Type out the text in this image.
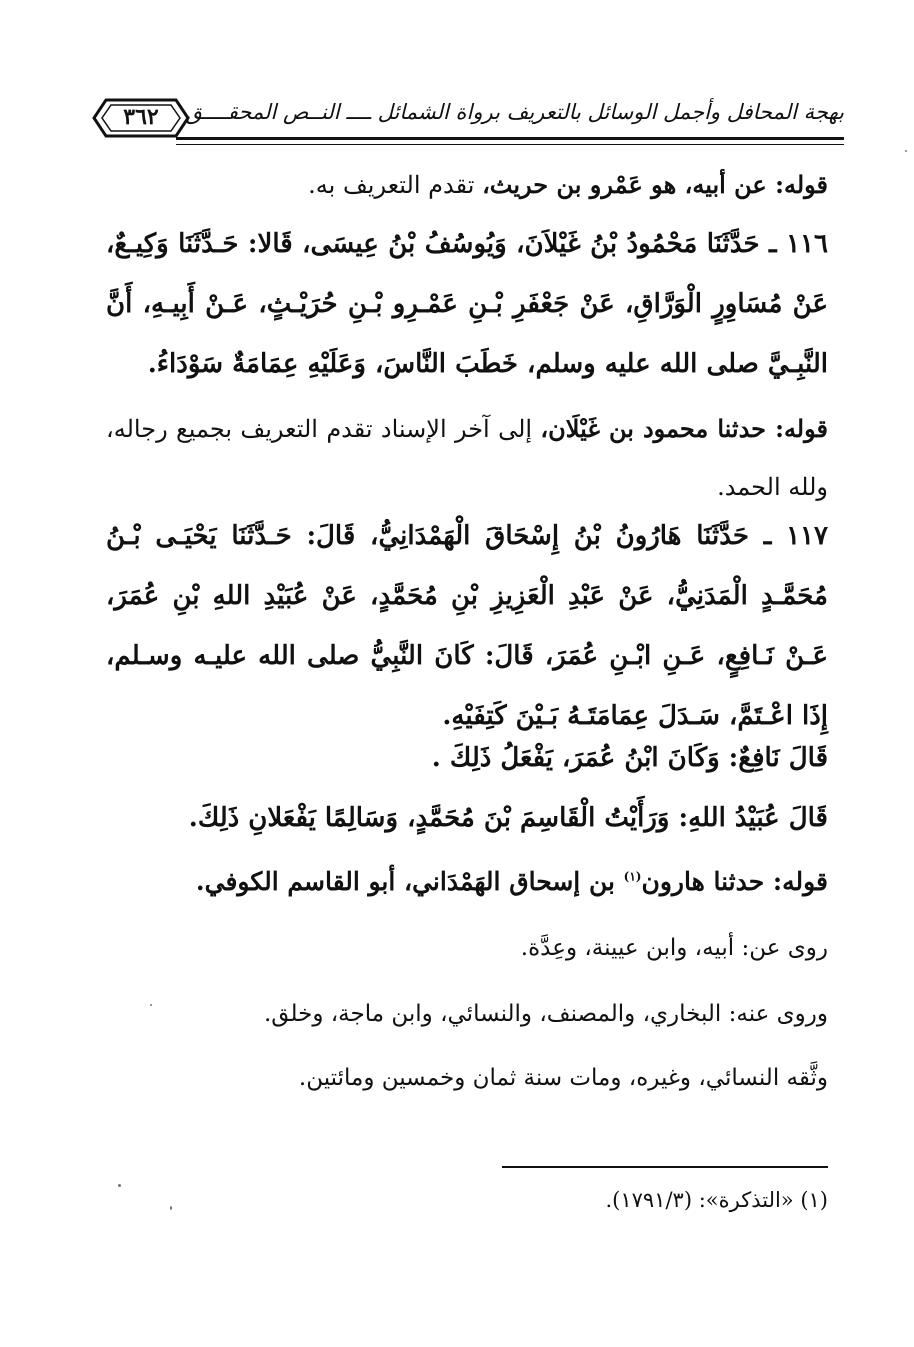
بهجة المحافل وأجمل الوسائل بالتعريف برواة الشمائل ــــ النــص المحقــــق
٣٦٢
قوله: عن أبيه، هو عَمْرو بن حريث، تقدم التعريف به.
١١٦ ـ حَدَّثَنَا مَحْمُودُ بْنُ غَيْلاَنَ، وَيُوسُفُ بْنُ عِيسَى، قَالا: حَـدَّثَنَا وَكِيـعٌ، عَنْ مُسَاوِرٍ الْوَرَّاقِ، عَنْ جَعْفَرِ بْـنِ عَمْـرِو بْـنِ حُرَيْـثٍ، عَـنْ أَبِيـهِ، أَنَّ النَّبِـيَّ صلى الله عليه وسلم، خَطَبَ النَّاسَ، وَعَلَيْهِ عِمَامَةٌ سَوْدَاءُ.
قوله: حدثنا محمود بن غَيْلَان، إلى آخر الإسناد تقدم التعريف بجميع رجاله، ولله الحمد.
١١٧ ـ حَدَّثَنَا هَارُونُ بْنُ إِسْحَاقَ الْهَمْدَانِيُّ، قَالَ: حَـدَّثَنَا يَحْيَـى بْـنُ مُحَمَّـدٍ الْمَدَنِيُّ، عَنْ عَبْدِ الْعَزِيزِ بْنِ مُحَمَّدٍ، عَنْ عُبَيْدِ اللهِ بْنِ عُمَرَ، عَـنْ نَـافِعٍ، عَـنِ ابْـنِ عُمَرَ، قَالَ: كَانَ النَّبِيُّ صلى الله عليـه وسـلم، إِذَا اعْـتَمَّ، سَـدَلَ عِمَامَتَـهُ بَـيْنَ كَتِفَيْهِ.
قَالَ نَافِعٌ: وَكَانَ ابْنُ عُمَرَ، يَفْعَلُ ذَلِكَ .
قَالَ عُبَيْدُ اللهِ: وَرَأَيْتُ الْقَاسِمَ بْنَ مُحَمَّدٍ، وَسَالِمًا يَفْعَلانِ ذَلِكَ.
قوله: حدثنا هارون$^{(١)}$ بن إسحاق الهَمْدَاني، أبو القاسم الكوفي.
روى عن: أبيه، وابن عيينة، وعِدَّة.
وروى عنه: البخاري، والمصنف، والنسائي، وابن ماجة، وخلق.
وثَّقه النسائي، وغيره، ومات سنة ثمان وخمسين ومائتين.
(١) «التذكرة»: (١٧٩١/٣).
